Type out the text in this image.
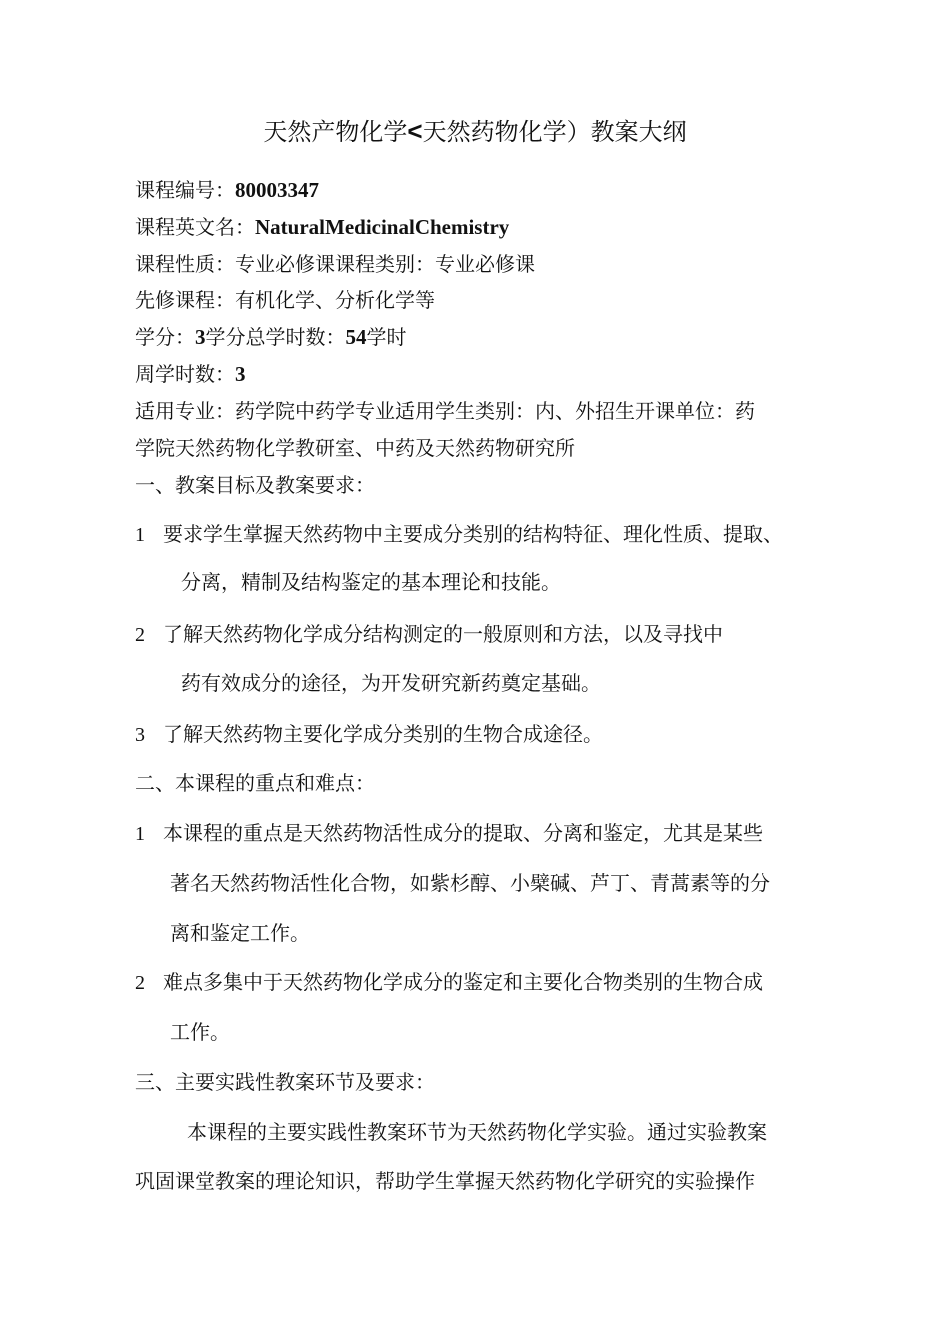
天然产物化学<天然药物化学）教案大纲
课程编号：80003347
课程英文名：NaturalMedicinalChemistry
课程性质：专业必修课课程类别：专业必修课
先修课程：有机化学、分析化学等
学分：3学分总学时数：54学时
周学时数：3
适用专业：药学院中药学专业适用学生类别：内、外招生开课单位：药
学院天然药物化学教研室、中药及天然药物研究所
一、教案目标及教案要求：
1 要求学生掌握天然药物中主要成分类别的结构特征、理化性质、提取、
分离，精制及结构鉴定的基本理论和技能。
2 了解天然药物化学成分结构测定的一般原则和方法，以及寻找中
药有效成分的途径，为开发研究新药奠定基础。
3 了解天然药物主要化学成分类别的生物合成途径。
二、本课程的重点和难点：
1 本课程的重点是天然药物活性成分的提取、分离和鉴定，尤其是某些
著名天然药物活性化合物，如紫杉醇、小檗碱、芦丁、青蒿素等的分
离和鉴定工作。
2 难点多集中于天然药物化学成分的鉴定和主要化合物类别的生物合成
工作。
三、主要实践性教案环节及要求：
本课程的主要实践性教案环节为天然药物化学实验。通过实验教案
巩固课堂教案的理论知识，帮助学生掌握天然药物化学研究的实验操作
